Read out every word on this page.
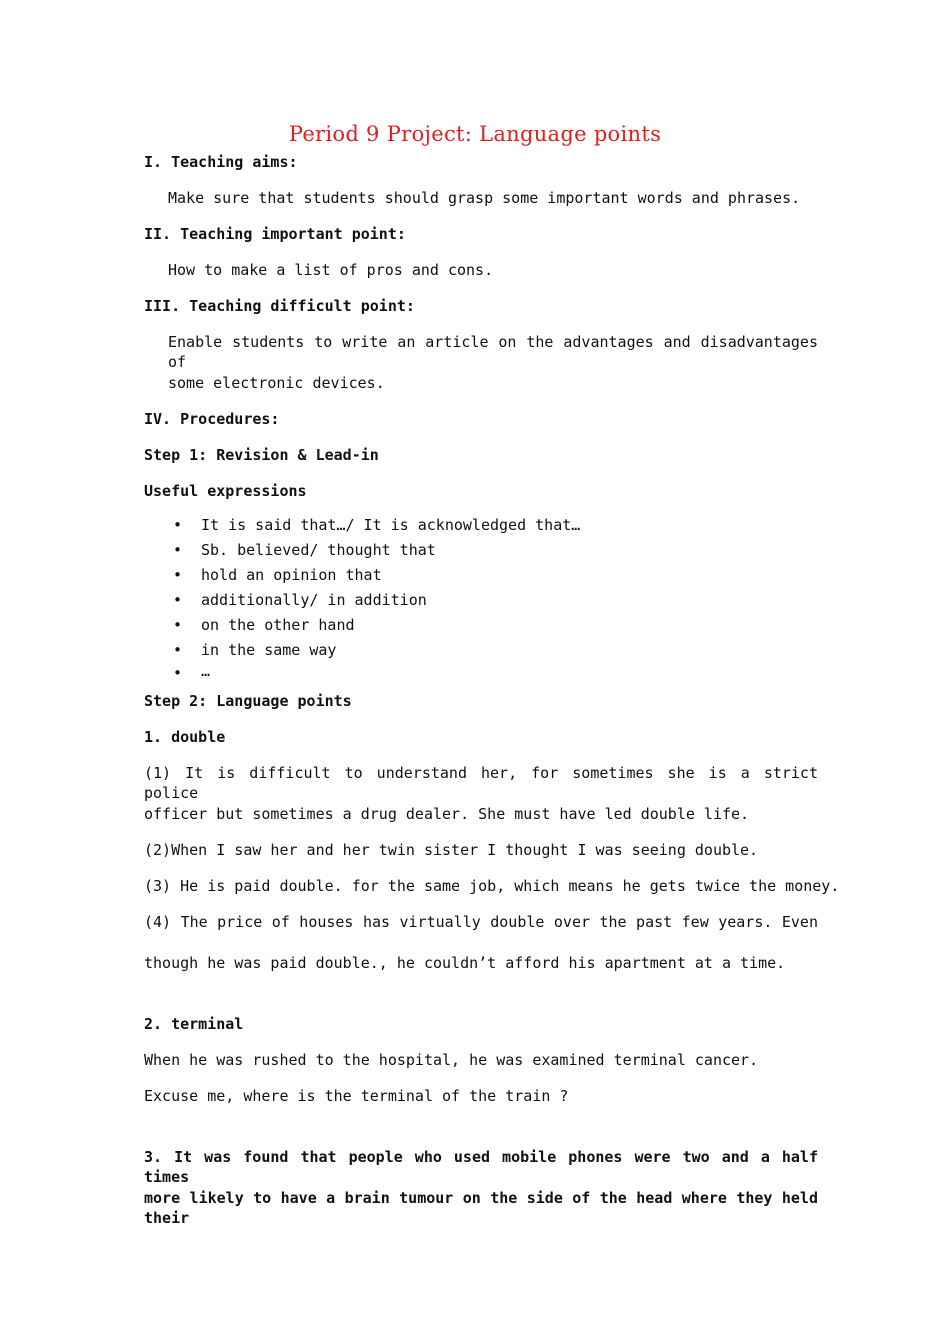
Period 9 Project: Language points
I. Teaching aims:
Make sure that students should grasp some important words and phrases.
II. Teaching important point:
How to make a list of pros and cons.
III. Teaching difficult point:
Enable students to write an article on the advantages and disadvantages of
some electronic devices.
IV. Procedures:
Step 1: Revision & Lead-in
Useful expressions
• It is said that…/ It is acknowledged that…
• Sb. believed/ thought that
• hold an opinion that
• additionally/ in addition
• on the other hand
• in the same way
• …
Step 2: Language points
1. double
(1) It is difficult to understand her, for sometimes she is a strict police
officer but sometimes a drug dealer. She must have led double life.
(2)When I saw her and her twin sister I thought I was seeing double.
(3) He is paid double. for the same job, which means he gets twice the money.
(4) The price of houses has virtually double over the past few years. Even
though he was paid double., he couldn’t afford his apartment at a time.
2. terminal
When he was rushed to the hospital, he was examined terminal cancer.
Excuse me, where is the terminal of the train ?
3. It was found that people who used mobile phones were two and a half times
more likely to have a brain tumour on the side of the head where they held their
